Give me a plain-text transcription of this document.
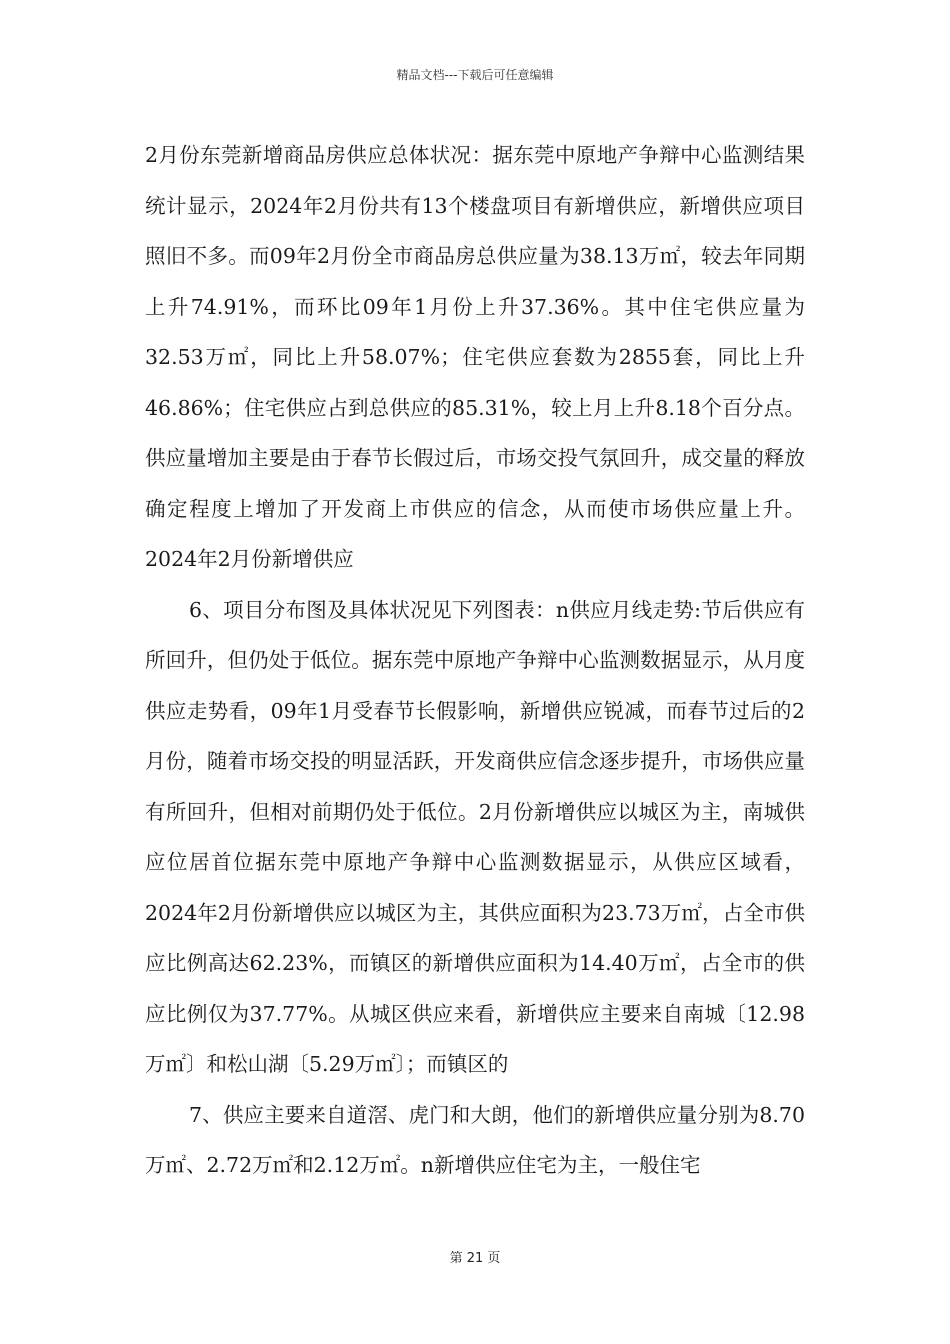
精品文档---下载后可任意编辑

2月份东莞新增商品房供应总体状况：据东莞中原地产争辩中心监测结果统计显示，2024年2月份共有13个楼盘项目有新增供应，新增供应项目照旧不多。而09年2月份全市商品房总供应量为38.13万㎡，较去年同期上升74.91%，而环比09年1月份上升37.36%。其中住宅供应量为32.53万㎡，同比上升58.07%；住宅供应套数为2855套，同比上升46.86%；住宅供应占到总供应的85.31%，较上月上升8.18个百分点。供应量增加主要是由于春节长假过后，市场交投气氛回升，成交量的释放确定程度上增加了开发商上市供应的信念，从而使市场供应量上升。2024年2月份新增供应

6、项目分布图及具体状况见下列图表：n供应月线走势:节后供应有所回升，但仍处于低位。据东莞中原地产争辩中心监测数据显示，从月度供应走势看，09年1月受春节长假影响，新增供应锐减，而春节过后的2月份，随着市场交投的明显活跃，开发商供应信念逐步提升，市场供应量有所回升，但相对前期仍处于低位。2月份新增供应以城区为主，南城供应位居首位据东莞中原地产争辩中心监测数据显示，从供应区域看，2024年2月份新增供应以城区为主，其供应面积为23.73万㎡，占全市供应比例高达62.23%，而镇区的新增供应面积为14.40万㎡，占全市的供应比例仅为37.77%。从城区供应来看，新增供应主要来自南城〔12.98万㎡〕和松山湖〔5.29万㎡〕；而镇区的

7、供应主要来自道滘、虎门和大朗，他们的新增供应量分别为8.70万㎡、2.72万㎡和2.12万㎡。n新增供应住宅为主，一般住宅

第 21 页
